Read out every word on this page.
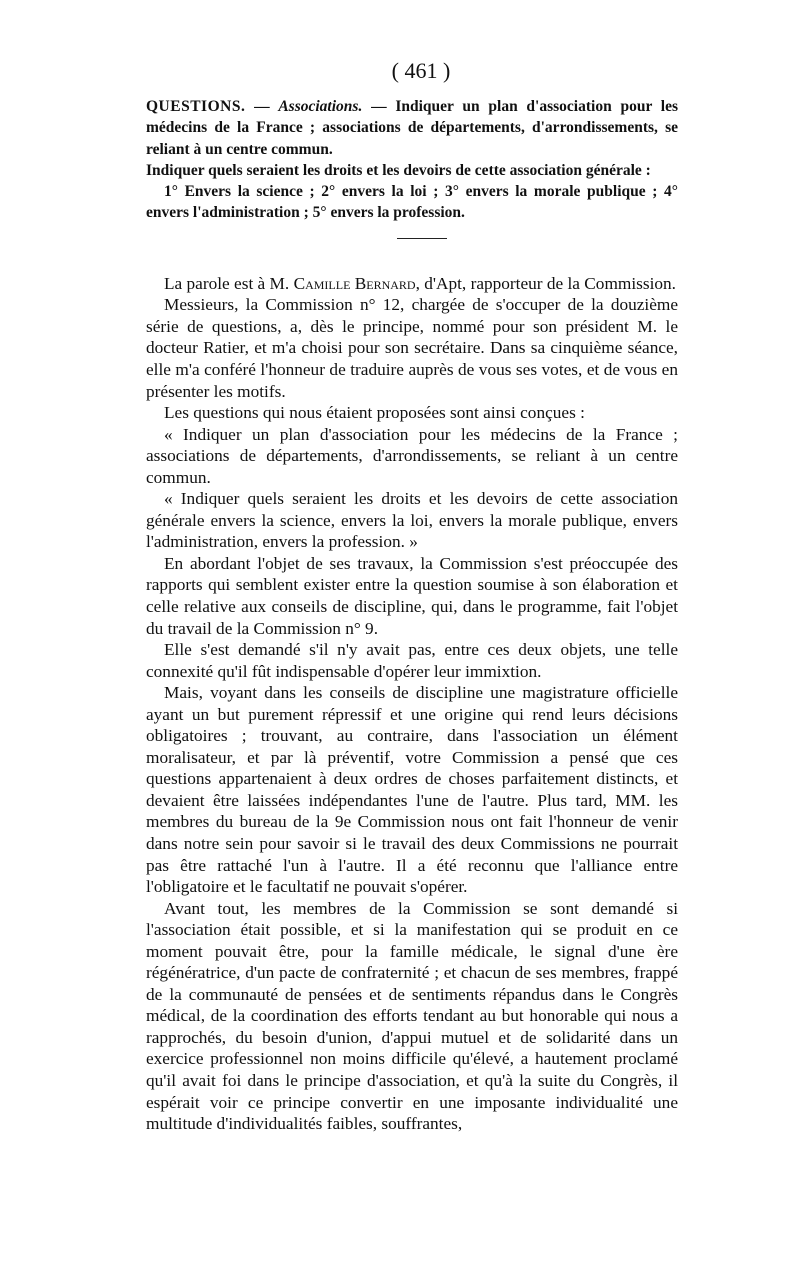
( 461 )

QUESTIONS. — Associations. — Indiquer un plan d'association pour les médecins de la France ; associations de départements, d'arrondissements, se reliant à un centre commun.

Indiquer quels seraient les droits et les devoirs de cette association générale :

1° Envers la science ; 2° envers la loi ; 3° envers la morale publique ; 4° envers l'administration ; 5° envers la profession.

La parole est à M. Camille Bernard, d'Apt, rapporteur de la Commission.

Messieurs, la Commission n° 12, chargée de s'occuper de la douzième série de questions, a, dès le principe, nommé pour son président M. le docteur Ratier, et m'a choisi pour son secrétaire. Dans sa cinquième séance, elle m'a conféré l'honneur de traduire auprès de vous ses votes, et de vous en présenter les motifs.

Les questions qui nous étaient proposées sont ainsi conçues :

« Indiquer un plan d'association pour les médecins de la France ; associations de départements, d'arrondissements, se reliant à un centre commun.

« Indiquer quels seraient les droits et les devoirs de cette association générale envers la science, envers la loi, envers la morale publique, envers l'administration, envers la profession. »

En abordant l'objet de ses travaux, la Commission s'est préoccupée des rapports qui semblent exister entre la question soumise à son élaboration et celle relative aux conseils de discipline, qui, dans le programme, fait l'objet du travail de la Commission n° 9.

Elle s'est demandé s'il n'y avait pas, entre ces deux objets, une telle connexité qu'il fût indispensable d'opérer leur immixtion.

Mais, voyant dans les conseils de discipline une magistrature officielle ayant un but purement répressif et une origine qui rend leurs décisions obligatoires ; trouvant, au contraire, dans l'association un élément moralisateur, et par là préventif, votre Commission a pensé que ces questions appartenaient à deux ordres de choses parfaitement distincts, et devaient être laissées indépendantes l'une de l'autre. Plus tard, MM. les membres du bureau de la 9e Commission nous ont fait l'honneur de venir dans notre sein pour savoir si le travail des deux Commissions ne pourrait pas être rattaché l'un à l'autre. Il a été reconnu que l'alliance entre l'obligatoire et le facultatif ne pouvait s'opérer.

Avant tout, les membres de la Commission se sont demandé si l'association était possible, et si la manifestation qui se produit en ce moment pouvait être, pour la famille médicale, le signal d'une ère régénératrice, d'un pacte de confraternité ; et chacun de ses membres, frappé de la communauté de pensées et de sentiments répandus dans le Congrès médical, de la coordination des efforts tendant au but honorable qui nous a rapprochés, du besoin d'union, d'appui mutuel et de solidarité dans un exercice professionnel non moins difficile qu'élevé, a hautement proclamé qu'il avait foi dans le principe d'association, et qu'à la suite du Congrès, il espérait voir ce principe convertir en une imposante individualité une multitude d'individualités faibles, souffrantes,
